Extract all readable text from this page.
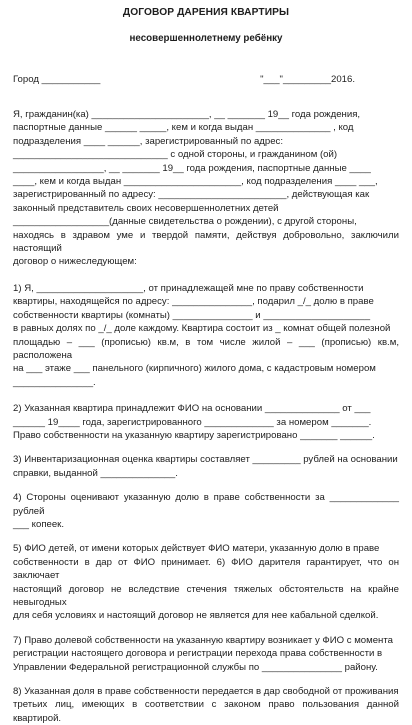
ДОГОВОР ДАРЕНИЯ КВАРТИРЫ

несовершеннолетнему ребёнку

Город ___________	"___"_________2016.

Я, гражданин(ка) ______________________, __ _______ 19__ года рождения,
паспортные данные ______ _____, кем и когда выдан ______________ , код
подразделения ____ ______, зарегистрированный по адрес:
_____________________________ с одной стороны, и гражданином (ой)
_________________, __ _______ 19__ года рождения, паспортные данные ____
____, кем и когда выдан ______________________, код подразделения ____ ___,
зарегистрированный по адресу: ________________________, действующая как
законный представитель своих несовершеннолетних детей
__________________(данные свидетельства о рождении), с другой стороны,
находясь в здравом уме и твердой памяти, действуя добровольно, заключили настоящий
договор о нижеследующем:

1) Я, ____________________, от принадлежащей мне по праву собственности
квартиры, находящейся по адресу: _______________, подарил _/_ долю в праве
собственности квартиры (комнаты) _______________ и ____________________
в равных долях по _/_ доле каждому. Квартира состоит из _ комнат общей полезной
площадью – ___ (прописью) кв.м, в том числе жилой – ___ (прописью) кв.м, расположена
на ___ этаже ___ панельного (кирпичного) жилого дома, с кадастровым номером
_______________.

2) Указанная квартира принадлежит ФИО на основании ______________ от ___
______ 19____ года, зарегистрированного _____________ за номером _______.
Право собственности на указанную квартиру зарегистрировано _______ ______.

3) Инвентаризационная оценка квартиры составляет _________ рублей на основании
справки, выданной ______________.

4) Стороны оценивают указанную долю в праве собственности за _____________ рублей
___ копеек.

5) ФИО детей, от имени которых действует ФИО матери, указанную долю в праве
собственности в дар от ФИО принимает. 6) ФИО дарителя гарантирует, что он заключает
настоящий договор не вследствие стечения тяжелых обстоятельств на крайне невыгодных
для себя условиях и настоящий договор не является для нее кабальной сделкой.

7) Право долевой собственности на указанную квартиру возникает у ФИО с момента
регистрации настоящего договора и регистрации перехода права собственности в
Управлении Федеральной регистрационной службы по _______________ району.

8) Указанная доля в праве собственности передается в дар свободной от проживания
третьих лиц, имеющих в соответствии с законом право пользования данной квартирой.
